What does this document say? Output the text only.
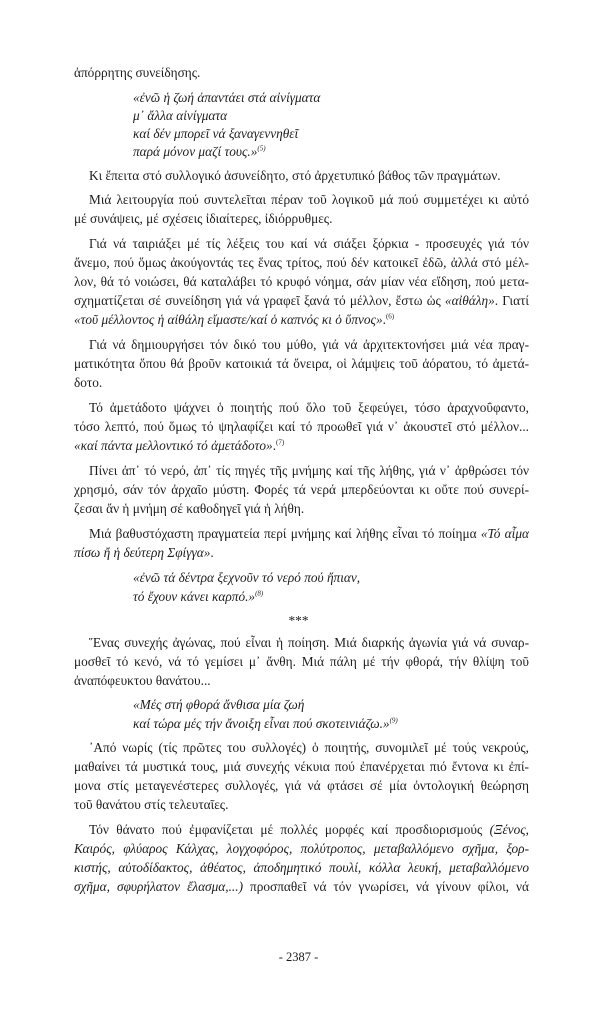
ἀπόρρητης συνείδησης.

«ἐνῶ ἡ ζωή ἀπαντάει στά αἰνίγματα

μ᾿ ἄλλα αἰνίγματα

καί δέν μπορεῖ νά ξαναγεννηθεῖ

παρά μόνον μαζί τους.»$^{(5)}$

Κι ἔπειτα στό συλλογικό ἀσυνείδητο, στό ἀρχετυπικό βάθος τῶν πραγμάτων.

Μιά λειτουργία πού συντελεῖται πέραν τοῦ λογικοῦ μά πού συμμετέχει κι αὐτό

μέ συνάψεις, μέ σχέσεις ἰδιαίτερες, ἰδιόρρυθμες.

Γιά νά ταιριάξει μέ τίς λέξεις του καί νά σιάξει ξόρκια - προσευχές γιά τόν

ἄνεμο, πού ὅμως ἀκούγοντάς τες ἕνας τρίτος, πού δέν κατοικεῖ ἐδῶ, ἀλλά στό μέλ-

λον, θά τό νοιώσει, θά καταλάβει τό κρυφό νόημα, σάν μίαν νέα εἴδηση, πού μετα-

σχηματίζεται σέ συνείδηση γιά νά γραφεῖ ξανά τό μέλλον, ἔστω ὡς «αἰθάλη». Γιατί

«τοῦ μέλλοντος ἡ αἰθάλη εἴμαστε/καί ὁ καπνός κι ὁ ὕπνος».$^{(6)}$

Γιά νά δημιουργήσει τόν δικό του μύθο, γιά νά ἀρχιτεκτονήσει μιά νέα πραγ-

ματικότητα ὅπου θά βροῦν κατοικιά τά ὄνειρα, οἱ λάμψεις τοῦ ἀόρατου, τό ἀμετά-

δοτο.

Τό ἀμετάδοτο ψάχνει ὁ ποιητής πού ὅλο τοῦ ξεφεύγει, τόσο ἀραχνοΰφαντο,

τόσο λεπτό, πού ὅμως τό ψηλαφίζει καί τό προωθεῖ γιά ν᾿ ἀκουστεῖ στό μέλλον...

«καί πάντα μελλοντικό τό ἀμετάδοτο».$^{(7)}$

Πίνει ἀπ᾿ τό νερό, ἀπ᾿ τίς πηγές τῆς μνήμης καί τῆς λήθης, γιά ν᾿ ἀρθρώσει τόν

χρησμό, σάν τόν ἀρχαῖο μύστη. Φορές τά νερά μπερδεύονται κι οὔτε πού συνερί-

ζεσαι ἄν ἡ μνήμη σέ καθοδηγεῖ γιά ἡ λήθη.

Μιά βαθυστόχαστη πραγματεία περί μνήμης καί λήθης εἶναι τό ποίημα «Τό αἷμα

πίσω ἤ ἡ δεύτερη Σφίγγα».

«ἐνῶ τά δέντρα ξεχνοῦν τό νερό πού ἤπιαν,

τό ἔχουν κάνει καρπό.»$^{(8)}$

***

Ἕνας συνεχής ἀγώνας, πού εἶναι ἡ ποίηση. Μιά διαρκής ἀγωνία γιά νά συναρ-

μοσθεῖ τό κενό, νά τό γεμίσει μ᾿ ἄνθη. Μιά πάλη μέ τήν φθορά, τήν θλίψη τοῦ

ἀναπόφευκτου θανάτου...

«Μές στή φθορά ἄνθισα μία ζωή

καί τώρα μές τήν ἄνοιξη εἶναι πού σκοτεινιάζω.»$^{(9)}$

᾿Από νωρίς (τίς πρῶτες του συλλογές) ὁ ποιητής, συνομιλεῖ μέ τούς νεκρούς,

μαθαίνει τά μυστικά τους, μιά συνεχής νέκυια πού ἐπανέρχεται πιό ἔντονα κι ἐπί-

μονα στίς μεταγενέστερες συλλογές, γιά νά φτάσει σέ μία ὀντολογική θεώρηση

τοῦ θανάτου στίς τελευταῖες.

Τόν θάνατο πού ἐμφανίζεται μέ πολλές μορφές καί προσδιορισμούς (Ξένος,

Καιρός, φλύαρος Κάλχας, λογχοφόρος, πολύτροπος, μεταβαλλόμενο σχῆμα, ξορ-

κιστής, αὐτοδίδακτος, ἀθέατος, ἀποδημητικό πουλί, κόλλα λευκή, μεταβαλλόμενο

σχῆμα, σφυρήλατον ἔλασμα,...) προσπαθεῖ νά τόν γνωρίσει, νά γίνουν φίλοι, νά

- 2387 -
